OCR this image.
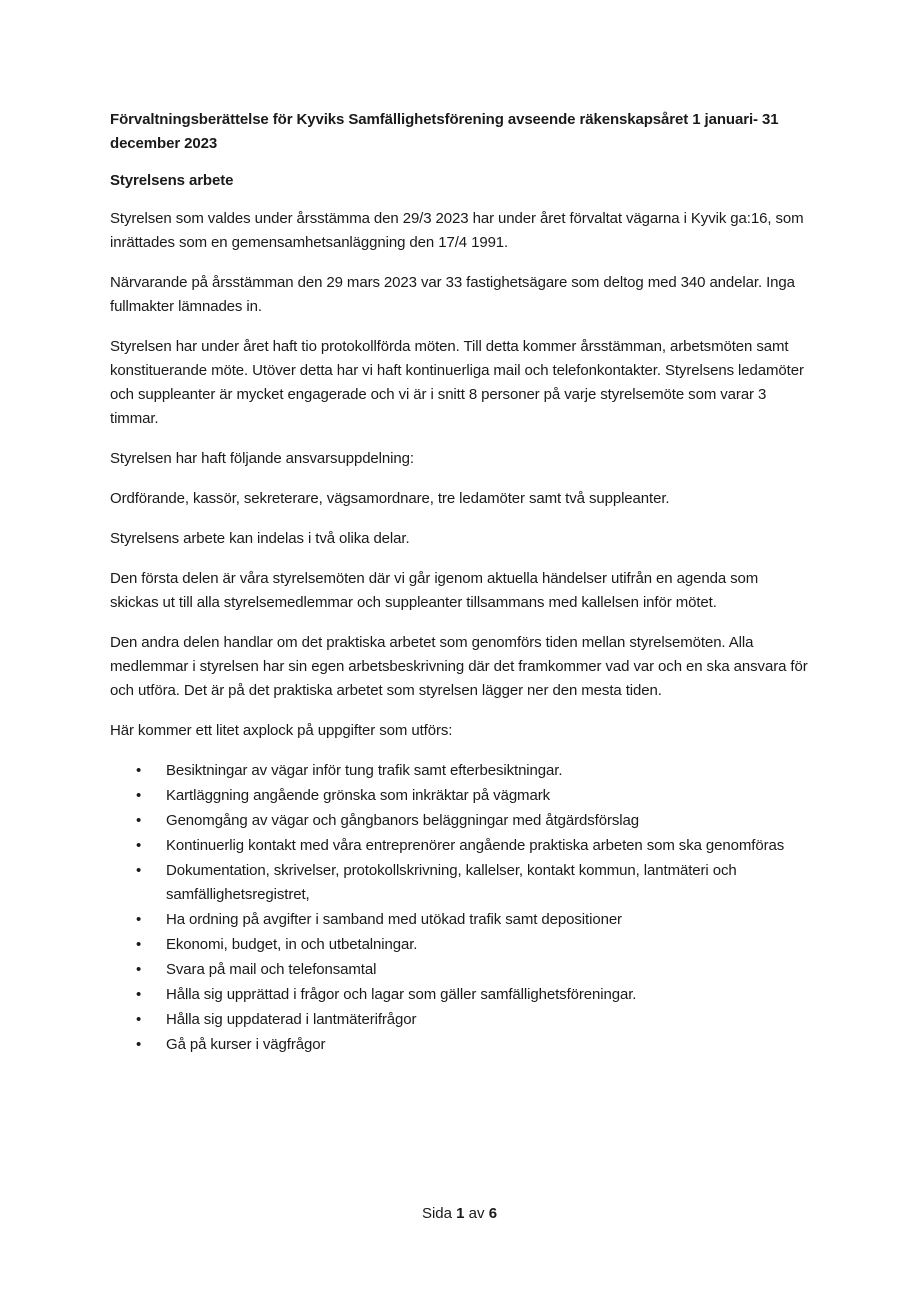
Förvaltningsberättelse för Kyviks Samfällighetsförening avseende räkenskapsåret 1 januari- 31 december 2023
Styrelsens arbete

Styrelsen som valdes under årsstämma den 29/3 2023 har under året förvaltat vägarna i Kyvik ga:16, som inrättades som en gemensamhetsanläggning den 17/4 1991.

Närvarande på årsstämman den 29 mars 2023 var 33 fastighetsägare som deltog med 340 andelar. Inga fullmakter lämnades in.

Styrelsen har under året haft tio protokollförda möten. Till detta kommer årsstämman, arbetsmöten samt konstituerande möte. Utöver detta har vi haft kontinuerliga mail och telefonkontakter. Styrelsens ledamöter och suppleanter är mycket engagerade och vi är i snitt 8 personer på varje styrelsemöte som varar 3 timmar.

Styrelsen har haft följande ansvarsuppdelning:

Ordförande, kassör, sekreterare, vägsamordnare, tre ledamöter samt två suppleanter.

Styrelsens arbete kan indelas i två olika delar.

Den första delen är våra styrelsemöten där vi går igenom aktuella händelser utifrån en agenda som skickas ut till alla styrelsemedlemmar och suppleanter tillsammans med kallelsen inför mötet.

Den andra delen handlar om det praktiska arbetet som genomförs tiden mellan styrelsemöten. Alla medlemmar i styrelsen har sin egen arbetsbeskrivning där det framkommer vad var och en ska ansvara för och utföra. Det är på det praktiska arbetet som styrelsen lägger ner den mesta tiden.

Här kommer ett litet axplock på uppgifter som utförs:

• Besiktningar av vägar inför tung trafik samt efterbesiktningar.
• Kartläggning angående grönska som inkräktar på vägmark
• Genomgång av vägar och gångbanors beläggningar med åtgärdsförslag
• Kontinuerlig kontakt med våra entreprenörer angående praktiska arbeten som ska genomföras
• Dokumentation, skrivelser, protokollskrivning, kallelser, kontakt kommun, lantmäteri och samfällighetsregistret,
• Ha ordning på avgifter i samband med utökad trafik samt depositioner
• Ekonomi, budget, in och utbetalningar.
• Svara på mail och telefonsamtal
• Hålla sig upprättad i frågor och lagar som gäller samfällighetsföreningar.
• Hålla sig uppdaterad i lantmäterifrågor
• Gå på kurser i vägfrågor
Sida 1 av 6
